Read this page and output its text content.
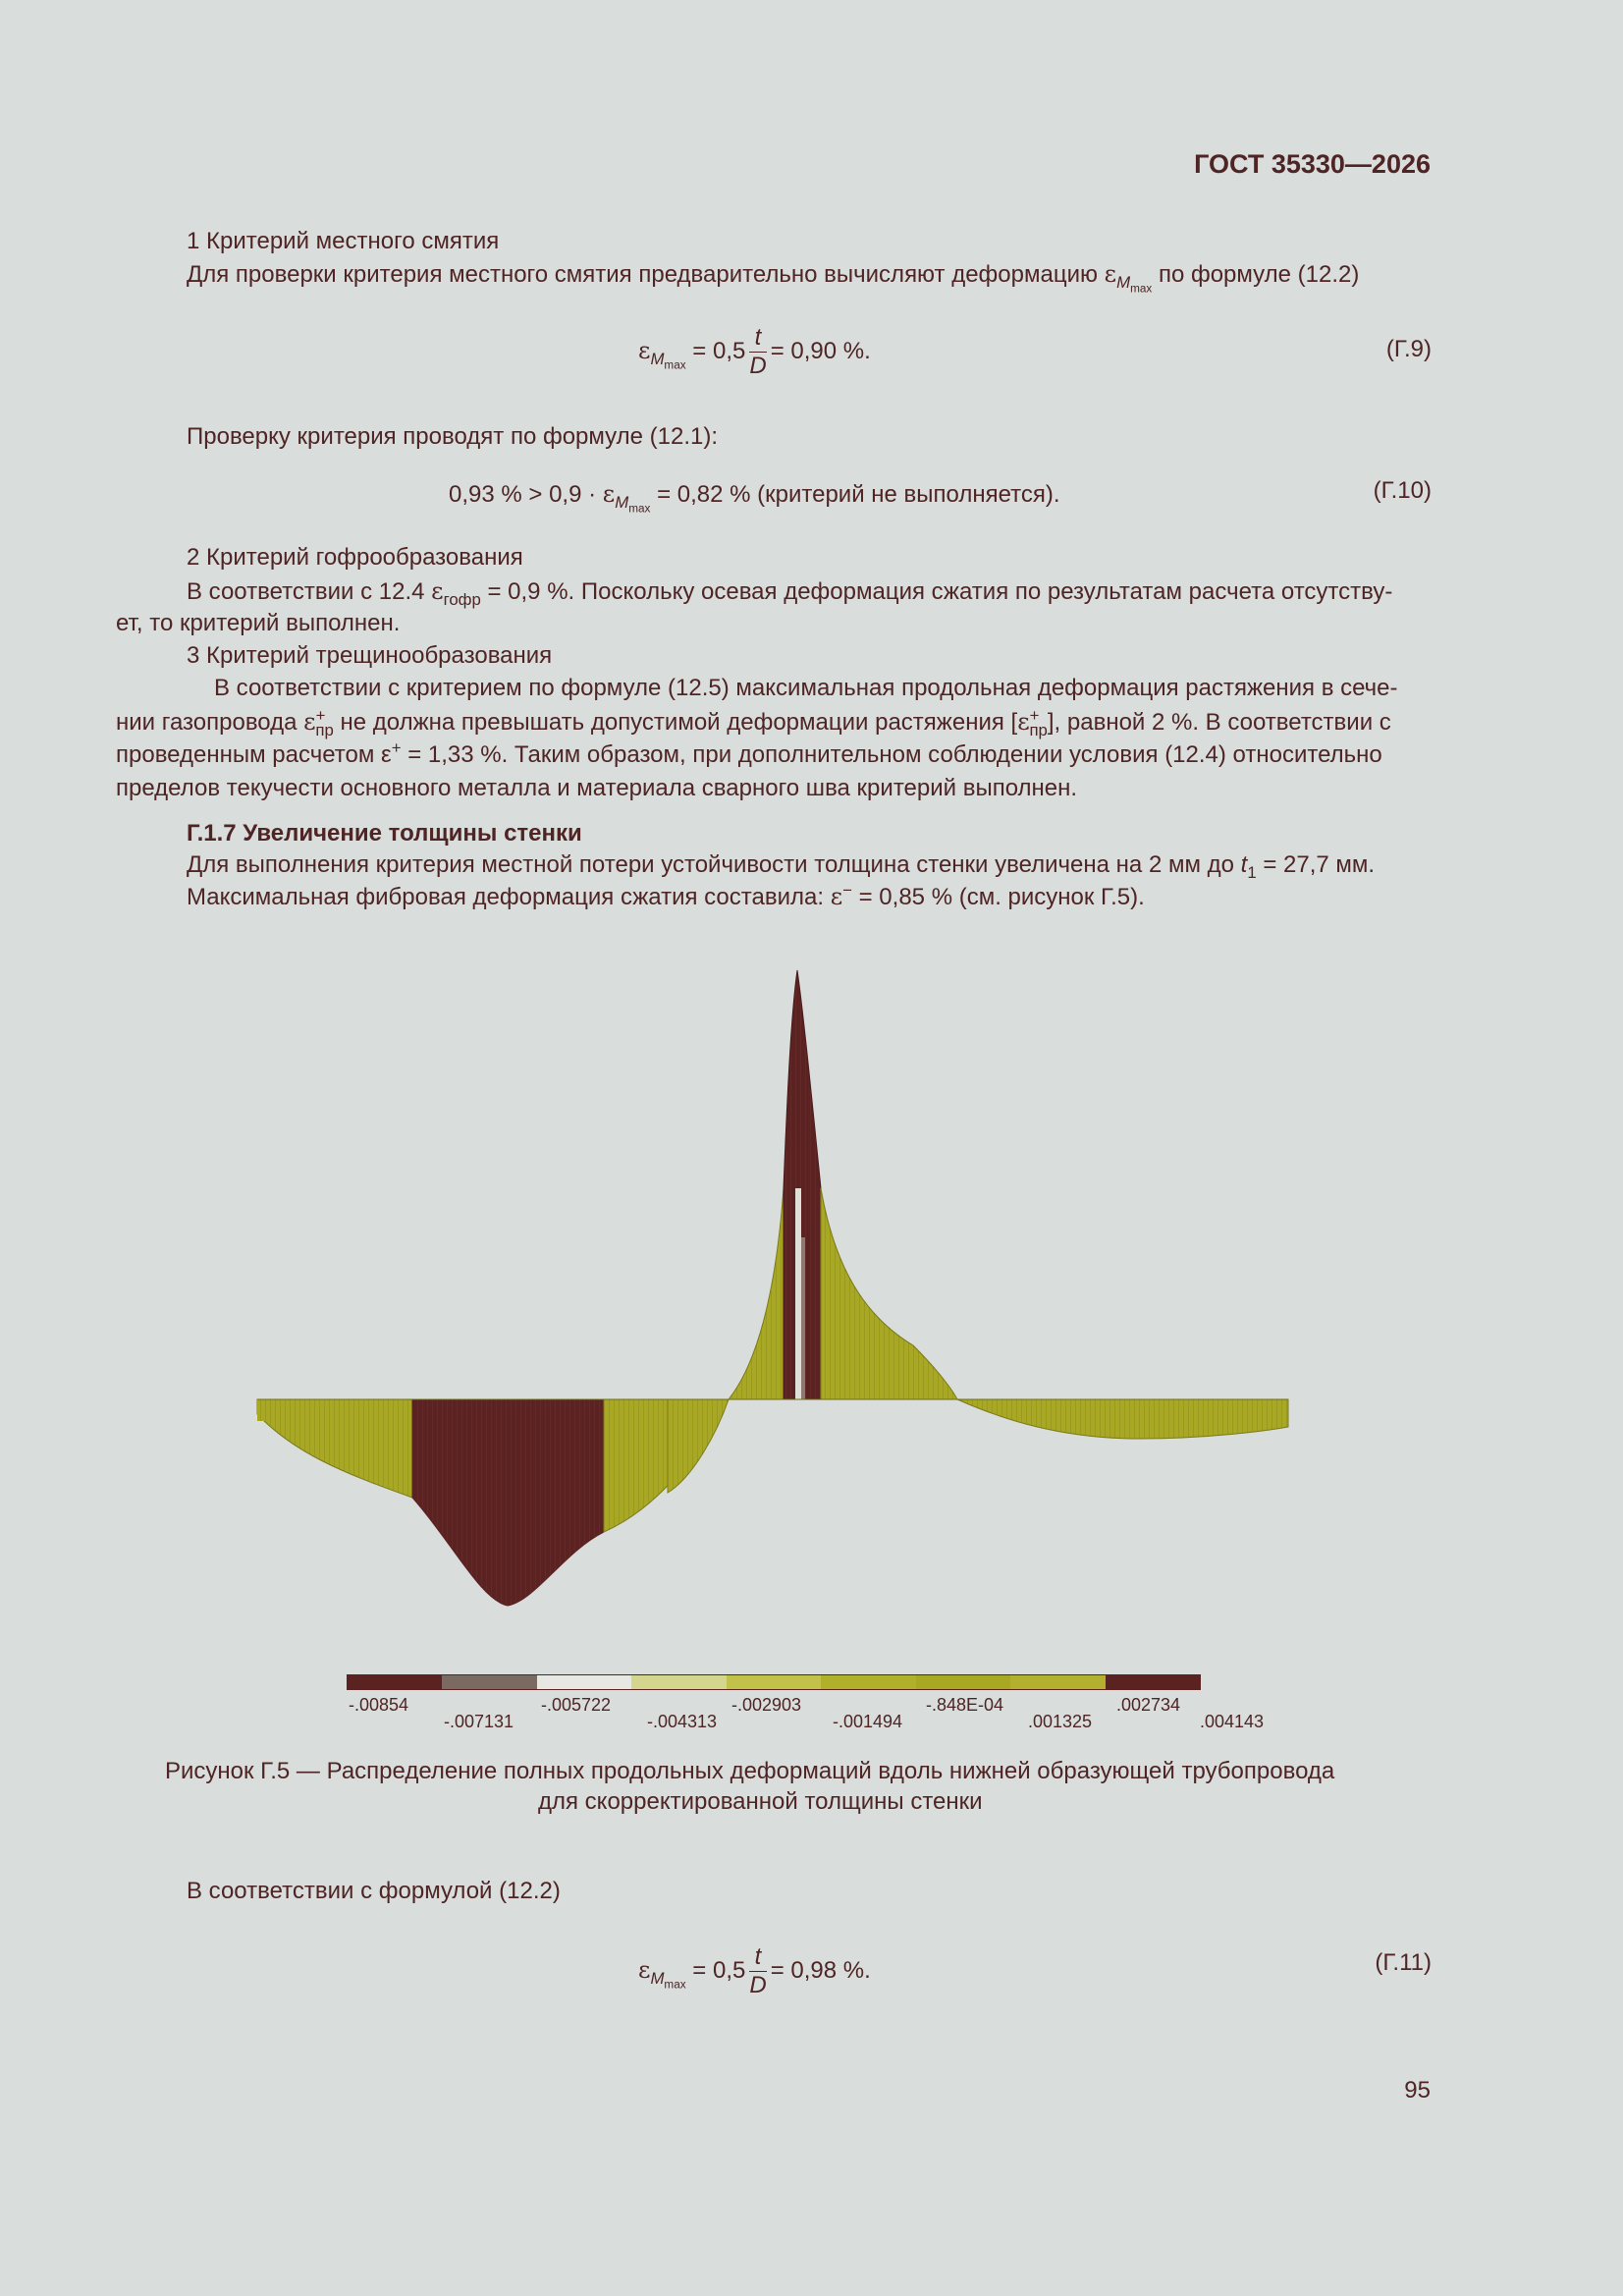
ГОСТ 35330—2026
1 Критерий местного смятия
Для проверки критерия местного смятия предварительно вычисляют деформацию $\varepsilon_{M_{max}}$ по формуле (12.2)
$\varepsilon_{M_{max}} = 0,5 \frac{t}{D} = 0,90$ %.	(Г.9)
Проверку критерия проводят по формуле (12.1):
0,93 % > $0,9 \cdot \varepsilon_{M_{max}} = 0,82$ % (критерий не выполняется).	(Г.10)
2 Критерий гофрообразования
В соответствии с 12.4 $\varepsilon_{гофр} = 0,9$ %. Поскольку осевая деформация сжатия по результатам расчета отсутству-
ет, то критерий выполнен.
3 Критерий трещинообразования
В соответствии с критерием по формуле (12.5) максимальная продольная деформация растяжения в сече-
нии газопровода $\varepsilon^+_{пр}$ не должна превышать допустимой деформации растяжения $[\varepsilon^+_{пр}]$, равной 2 %. В соответствии с
проведенным расчетом ε+ = 1,33 %. Таким образом, при дополнительном соблюдении условия (12.4) относительно
пределов текучести основного металла и материала сварного шва критерий выполнен.
Г.1.7 Увеличение толщины стенки
Для выполнения критерия местной потери устойчивости толщина стенки увеличена на 2 мм до $t_1 = 27,7$ мм.
Максимальная фибровая деформация сжатия составила: ε− = 0,85 % (см. рисунок Г.5).
-.00854
-.007131
-.005722
-.004313
-.002903
-.001494
-.848E-04
.001325
.002734
.004143
Рисунок Г.5 — Распределение полных продольных деформаций вдоль нижней образующей трубопровода
для скорректированной толщины стенки
В соответствии с формулой (12.2)
$\varepsilon_{M_{max}} = 0,5 \frac{t}{D} = 0,98$ %.	(Г.11)
95
